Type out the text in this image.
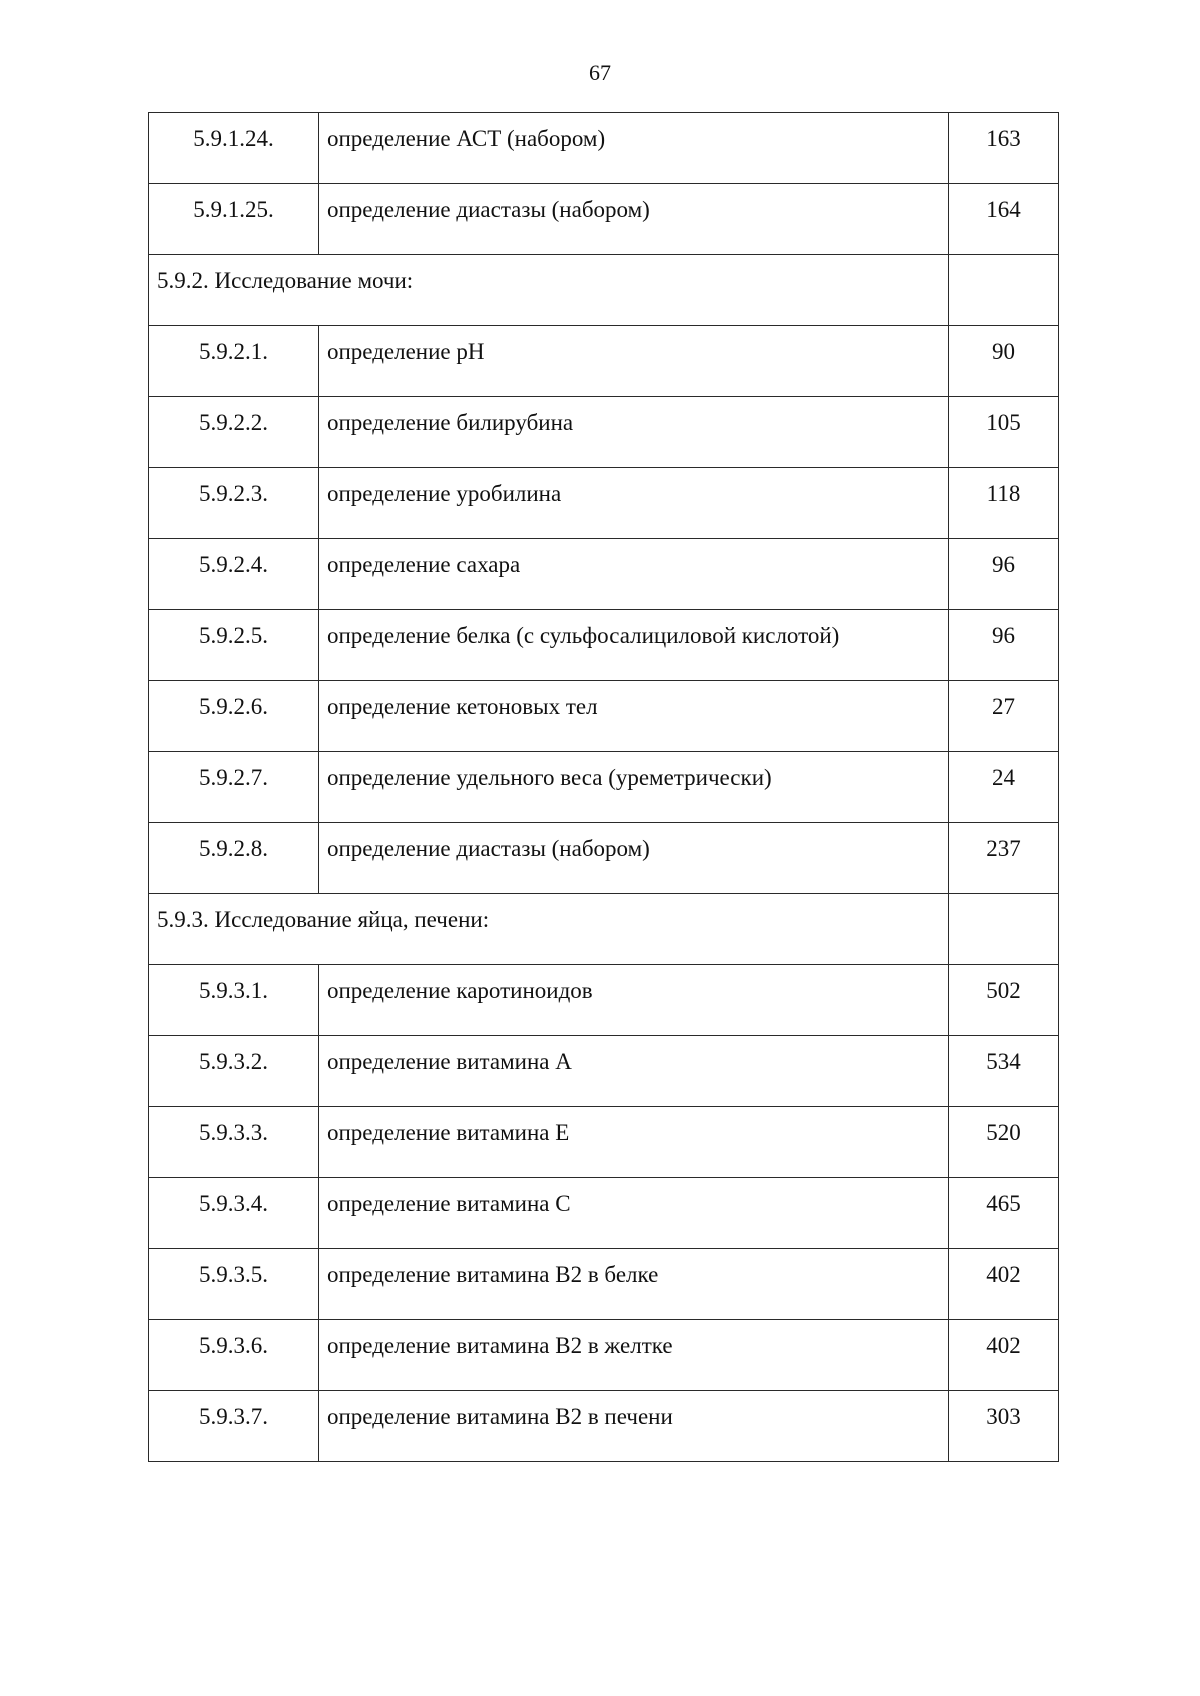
67
5.9.1.24.	определение АСТ (набором)	163
5.9.1.25.	определение диастазы (набором)	164
5.9.2. Исследование мочи:		
5.9.2.1.	определение pH	90
5.9.2.2.	определение билирубина	105
5.9.2.3.	определение уробилина	118
5.9.2.4.	определение сахара	96
5.9.2.5.	определение белка (с сульфосалициловой кислотой)	96
5.9.2.6.	определение кетоновых тел	27
5.9.2.7.	определение удельного веса (урeметрически)	24
5.9.2.8.	определение диастазы (набором)	237
5.9.3. Исследование яйца, печени:		
5.9.3.1.	определение каротиноидов	502
5.9.3.2.	определение витамина А	534
5.9.3.3.	определение витамина Е	520
5.9.3.4.	определение витамина С	465
5.9.3.5.	определение витамина В2 в белке	402
5.9.3.6.	определение витамина В2 в желтке	402
5.9.3.7.	определение витамина В2 в печени	303
